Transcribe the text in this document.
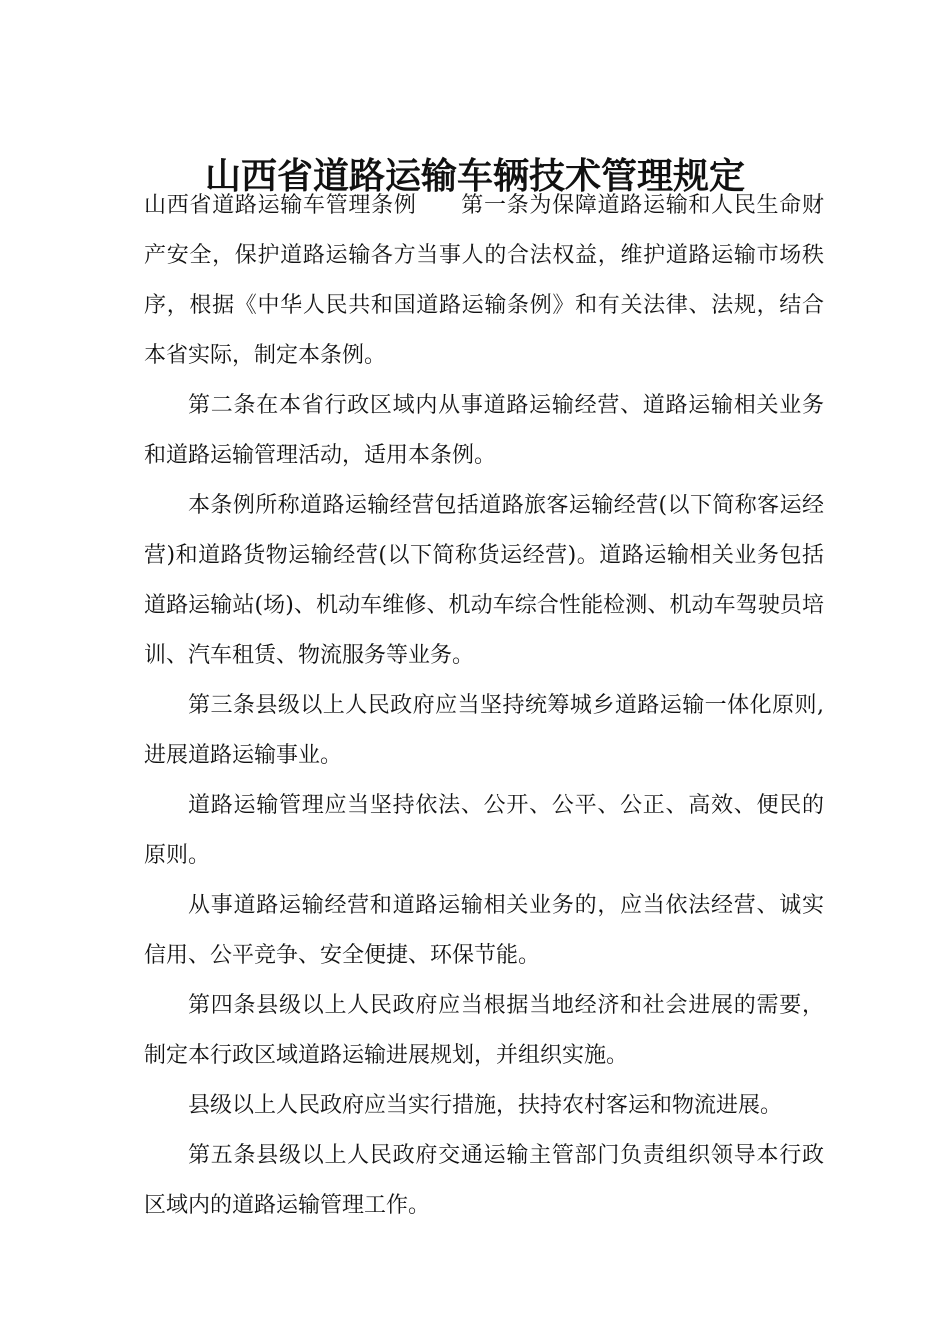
山西省道路运输车辆技术管理规定

山西省道路运输车管理条例 第一条为保障道路运输和人民生命财产安全，保护道路运输各方当事人的合法权益，维护道路运输市场秩序，根据《中华人民共和国道路运输条例》和有关法律、法规，结合本省实际，制定本条例。

第二条在本省行政区域内从事道路运输经营、道路运输相关业务和道路运输管理活动，适用本条例。

本条例所称道路运输经营包括道路旅客运输经营(以下简称客运经营)和道路货物运输经营(以下简称货运经营)。道路运输相关业务包括道路运输站(场)、机动车维修、机动车综合性能检测、机动车驾驶员培训、汽车租赁、物流服务等业务。

第三条县级以上人民政府应当坚持统筹城乡道路运输一体化原则,进展道路运输事业。

道路运输管理应当坚持依法、公开、公平、公正、高效、便民的原则。

从事道路运输经营和道路运输相关业务的，应当依法经营、诚实信用、公平竞争、安全便捷、环保节能。

第四条县级以上人民政府应当根据当地经济和社会进展的需要，制定本行政区域道路运输进展规划，并组织实施。

县级以上人民政府应当实行措施，扶持农村客运和物流进展。

第五条县级以上人民政府交通运输主管部门负责组织领导本行政区域内的道路运输管理工作。
